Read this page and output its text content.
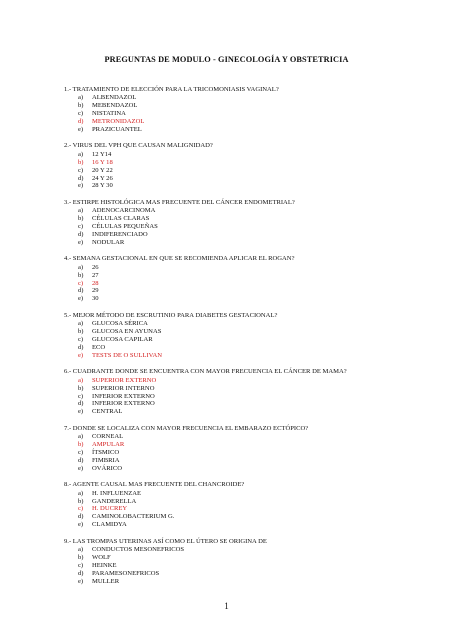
PREGUNTAS DE MODULO - GINECOLOGÍA Y OBSTETRICIA
1.- TRATAMIENTO DE ELECCIÓN PARA LA TRICOMONIASIS VAGINAL?
a) ALBENDAZOL
b) MEBENDAZOL
c) NISTATINA
d) METRONIDAZOL
e) PRAZICUANTEL
2.- VIRUS DEL VPH QUE CAUSAN MALIGNIDAD?
a) 12 Y14
b) 16 Y 18
c) 20 Y 22
d) 24 Y 26
e) 28 Y 30
3.- ESTIRPE HISTOLÓGICA MAS FRECUENTE DEL CÁNCER ENDOMETRIAL?
a) ADENOCARCINOMA
b) CÉLULAS CLARAS
c) CÉLULAS PEQUEÑAS
d) INDIFERENCIADO
e) NODULAR
4.- SEMANA GESTACIONAL EN QUE SE RECOMIENDA APLICAR EL ROGAN?
a) 26
b) 27
c) 28
d) 29
e) 30
5.- MEJOR MÉTODO DE ESCRUTINIO PARA DIABETES GESTACIONAL?
a) GLUCOSA SÉRICA
b) GLUCOSA EN AYUNAS
c) GLUCOSA CAPILAR
d) ECO
e) TESTS DE O SULLIVAN
6.- CUADRANTE DONDE SE ENCUENTRA CON MAYOR FRECUENCIA EL CÁNCER DE MAMA?
a) SUPERIOR EXTERNO
b) SUPERIOR INTERNO
c) INFERIOR EXTERNO
d) INFERIOR EXTERNO
e) CENTRAL
7.- DONDE SE LOCALIZA CON MAYOR FRECUENCIA EL EMBARAZO ECTÓPICO?
a) CORNEAL
b) AMPULAR
c) ÍTSMICO
d) FIMBRIA
e) OVÁRICO
8.- AGENTE CAUSAL MAS FRECUENTE DEL CHANCROIDE?
a) H. INFLUENZAE
b) GANDERELLA
c) H. DUCREY
d) CAMINOLOBACTERIUM G.
e) CLAMIDYA
9.- LAS TROMPAS UTERINAS ASÍ COMO EL ÚTERO SE ORIGINA DE
a) CONDUCTOS MESONEFRICOS
b) WOLF
c) HEINKE
d) PARAMESONEFRICOS
e) MULLER
1
